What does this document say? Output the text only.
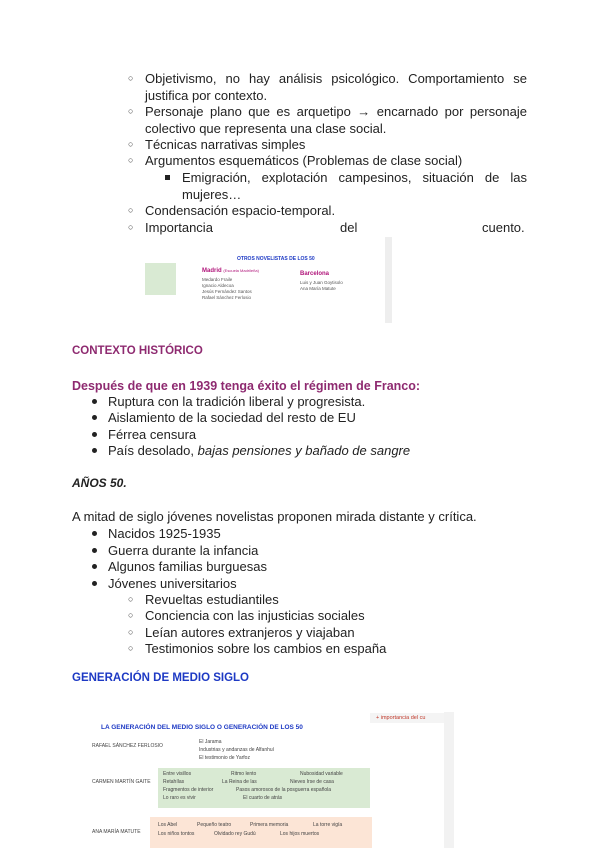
○ Objetivismo, no hay análisis psicológico. Comportamiento se justifica por contexto.
○ Personaje plano que es arquetipo → encarnado por personaje colectivo que representa una clase social.
○ Técnicas narrativas simples
○ Argumentos esquemáticos (Problemas de clase social)
Emigración, explotación campesinos, situación de las mujeres…
○ Condensación espacio-temporal.
○ Importancia	del	cuento.
OTROS NOVELISTAS DE LOS 50
Madrid (Escuela Madrileña)
Medardo Fraile
Ignacio Aldecoa
Jesús Fernández Santos
Rafael Sánchez Ferlosio
Barcelona
Luis y Juan Goytisolo
Ana María Matute
CONTEXTO HISTÓRICO
Después de que en 1939 tenga éxito el régimen de Franco:
Ruptura con la tradición liberal y progresista.
Aislamiento de la sociedad del resto de EU
Férrea censura
País desolado, bajas pensiones y bañado de sangre
AÑOS 50.
A mitad de siglo jóvenes novelistas proponen mirada distante y crítica.
Nacidos 1925-1935
Guerra durante la infancia
Algunos familias burguesas
Jóvenes universitarios
○ Revueltas estudiantiles
○ Conciencia con las injusticias sociales
○ Leían autores extranjeros y viajaban
○ Testimonios sobre los cambios en españa
GENERACIÓN DE MEDIO SIGLO
LA GENERACIÓN DEL MEDIO SIGLO O GENERACIÓN DE LOS 50
+ importancia del cu
RAFAEL SÁNCHEZ FERLOSIO
El Jarama
Industrias y andanzas de Alfanhuí
El testimonio de Yarfoz
CARMEN MARTÍN GAITE
Entre visillos	Ritmo lento	Nubosidad variable
Retahílas	La Reina de las	Nieves Irse de casa
Fragmentos de interior	Pasos amorosos de la posguerra española
Lo raro es vivir	El cuarto de atrás
ANA MARÍA MATUTE
Los Abel	Pequeño teatro	Primera memoria	La torre vigía
Los niños tontos	Olvidado rey Gudú	Los hijos muertos
